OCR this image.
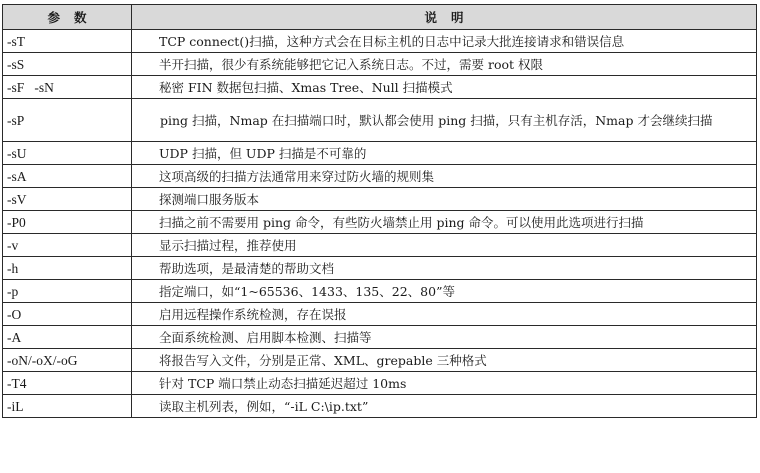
参数	说明
-sT	TCP connect()扫描，这种方式会在目标主机的日志中记录大批连接请求和错误信息
-sS	半开扫描，很少有系统能够把它记入系统日志。不过，需要 root 权限
-sF   -sN	秘密 FIN 数据包扫描、Xmas Tree、Null 扫描模式
-sP	ping 扫描，Nmap 在扫描端口时，默认都会使用 ping 扫描，只有主机存活，Nmap 才会继续扫描
-sU	UDP 扫描，但 UDP 扫描是不可靠的
-sA	这项高级的扫描方法通常用来穿过防火墙的规则集
-sV	探测端口服务版本
-P0	扫描之前不需要用 ping 命令，有些防火墙禁止用 ping 命令。可以使用此选项进行扫描
-v	显示扫描过程，推荐使用
-h	帮助选项，是最清楚的帮助文档
-p	指定端口，如“1~65536、1433、135、22、80”等
-O	启用远程操作系统检测，存在误报
-A	全面系统检测、启用脚本检测、扫描等
-oN/-oX/-oG	将报告写入文件，分别是正常、XML、grepable 三种格式
-T4	针对 TCP 端口禁止动态扫描延迟超过 10ms
-iL	读取主机列表，例如，“-iL C:\ip.txt”
